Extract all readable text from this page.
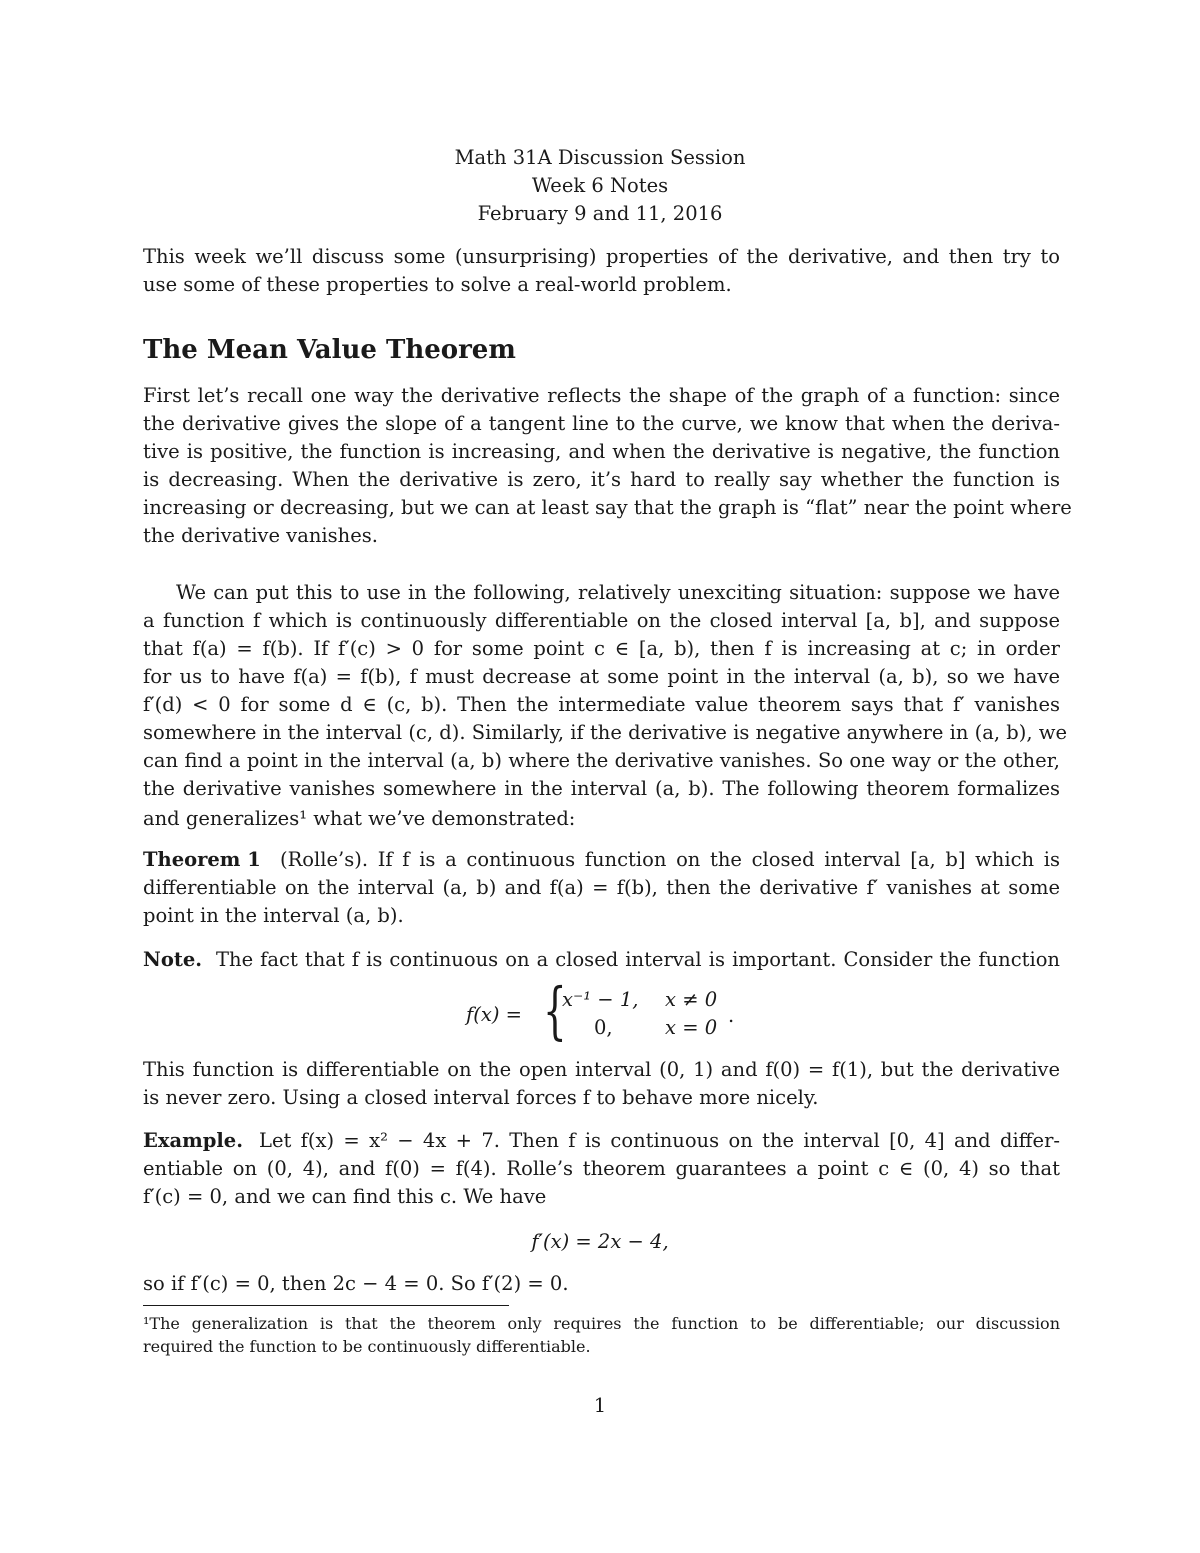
Math 31A Discussion Session
Week 6 Notes
February 9 and 11, 2016
This week we’ll discuss some (unsurprising) properties of the derivative, and then try to
use some of these properties to solve a real-world problem.
The Mean Value Theorem
First let’s recall one way the derivative reflects the shape of the graph of a function: since
the derivative gives the slope of a tangent line to the curve, we know that when the deriva-
tive is positive, the function is increasing, and when the derivative is negative, the function
is decreasing. When the derivative is zero, it’s hard to really say whether the function is
increasing or decreasing, but we can at least say that the graph is “flat” near the point where
the derivative vanishes.
We can put this to use in the following, relatively unexciting situation: suppose we have
a function f which is continuously differentiable on the closed interval [a, b], and suppose
that f(a) = f(b). If f′(c) > 0 for some point c ∈ [a, b), then f is increasing at c; in order
for us to have f(a) = f(b), f must decrease at some point in the interval (a, b), so we have
f′(d) < 0 for some d ∈ (c, b). Then the intermediate value theorem says that f′ vanishes
somewhere in the interval (c, d). Similarly, if the derivative is negative anywhere in (a, b), we
can find a point in the interval (a, b) where the derivative vanishes. So one way or the other,
the derivative vanishes somewhere in the interval (a, b). The following theorem formalizes
and generalizes¹ what we’ve demonstrated:
Theorem 1 (Rolle’s). If f is a continuous function on the closed interval [a, b] which is
differentiable on the interval (a, b) and f(a) = f(b), then the derivative f′ vanishes at some
point in the interval (a, b).
Note. The fact that f is continuous on a closed interval is important. Consider the function
f(x) = {
x⁻¹ − 1, x ≠ 0
0,	x = 0
.
This function is differentiable on the open interval (0, 1) and f(0) = f(1), but the derivative
is never zero. Using a closed interval forces f to behave more nicely.
Example. Let f(x) = x² − 4x + 7. Then f is continuous on the interval [0, 4] and differ-
entiable on (0, 4), and f(0) = f(4). Rolle’s theorem guarantees a point c ∈ (0, 4) so that
f′(c) = 0, and we can find this c. We have
f′(x) = 2x − 4,
so if f′(c) = 0, then 2c − 4 = 0. So f′(2) = 0.
¹The generalization is that the theorem only requires the function to be differentiable; our discussion
required the function to be continuously differentiable.
1
